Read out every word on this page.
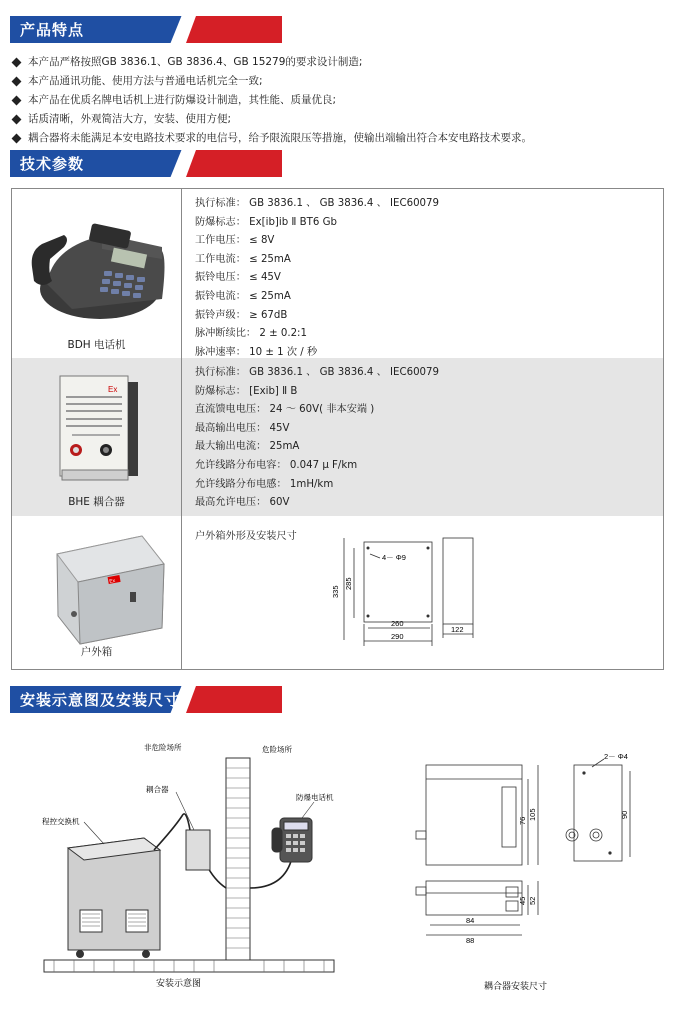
产品特点
本产品严格按照GB 3836.1、GB 3836.4、GB 15279的要求设计制造;
本产品通讯功能、使用方法与普通电话机完全一致;
本产品在优质名牌电话机上进行防爆设计制造，其性能、质量优良;
话质清晰，外观简洁大方，安装、使用方便;
耦合器将未能满足本安电路技术要求的电信号，给予限流限压等措施，使输出端输出符合本安电路技术要求。
技术参数
BDH 电话机
执行标准： GB 3836.1 、 GB 3836.4 、 IEC60079
防爆标志： Ex[ib]ib Ⅱ BT6 Gb
工作电压： ≤ 8V
工作电流： ≤ 25mA
振铃电压： ≤ 45V
振铃电流： ≤ 25mA
振铃声级： ≥ 67dB
脉冲断续比： 2 ± 0.2:1
脉冲速率： 10 ± 1 次 / 秒
Ex
BHE 耦合器
执行标准： GB 3836.1 、 GB 3836.4 、 IEC60079
防爆标志： [Exib] Ⅱ B
直流馈电电压： 24 ～ 60V( 非本安端 )
最高输出电压： 45V
最大输出电流： 25mA
允许线路分布电容： 0.047 μ F/km
允许线路分布电感： 1mH/km
最高允许电压： 60V
Ex
户外箱
户外箱外形及安装尺寸
4－ Φ9
335
285
260
290
122
安装示意图及安装尺寸
非危险场所	危险场所
耦合器
防爆电话机
程控交换机
安装示意图
2－ Φ4
76 105	90
45 52
84
88
耦合器安装尺寸
